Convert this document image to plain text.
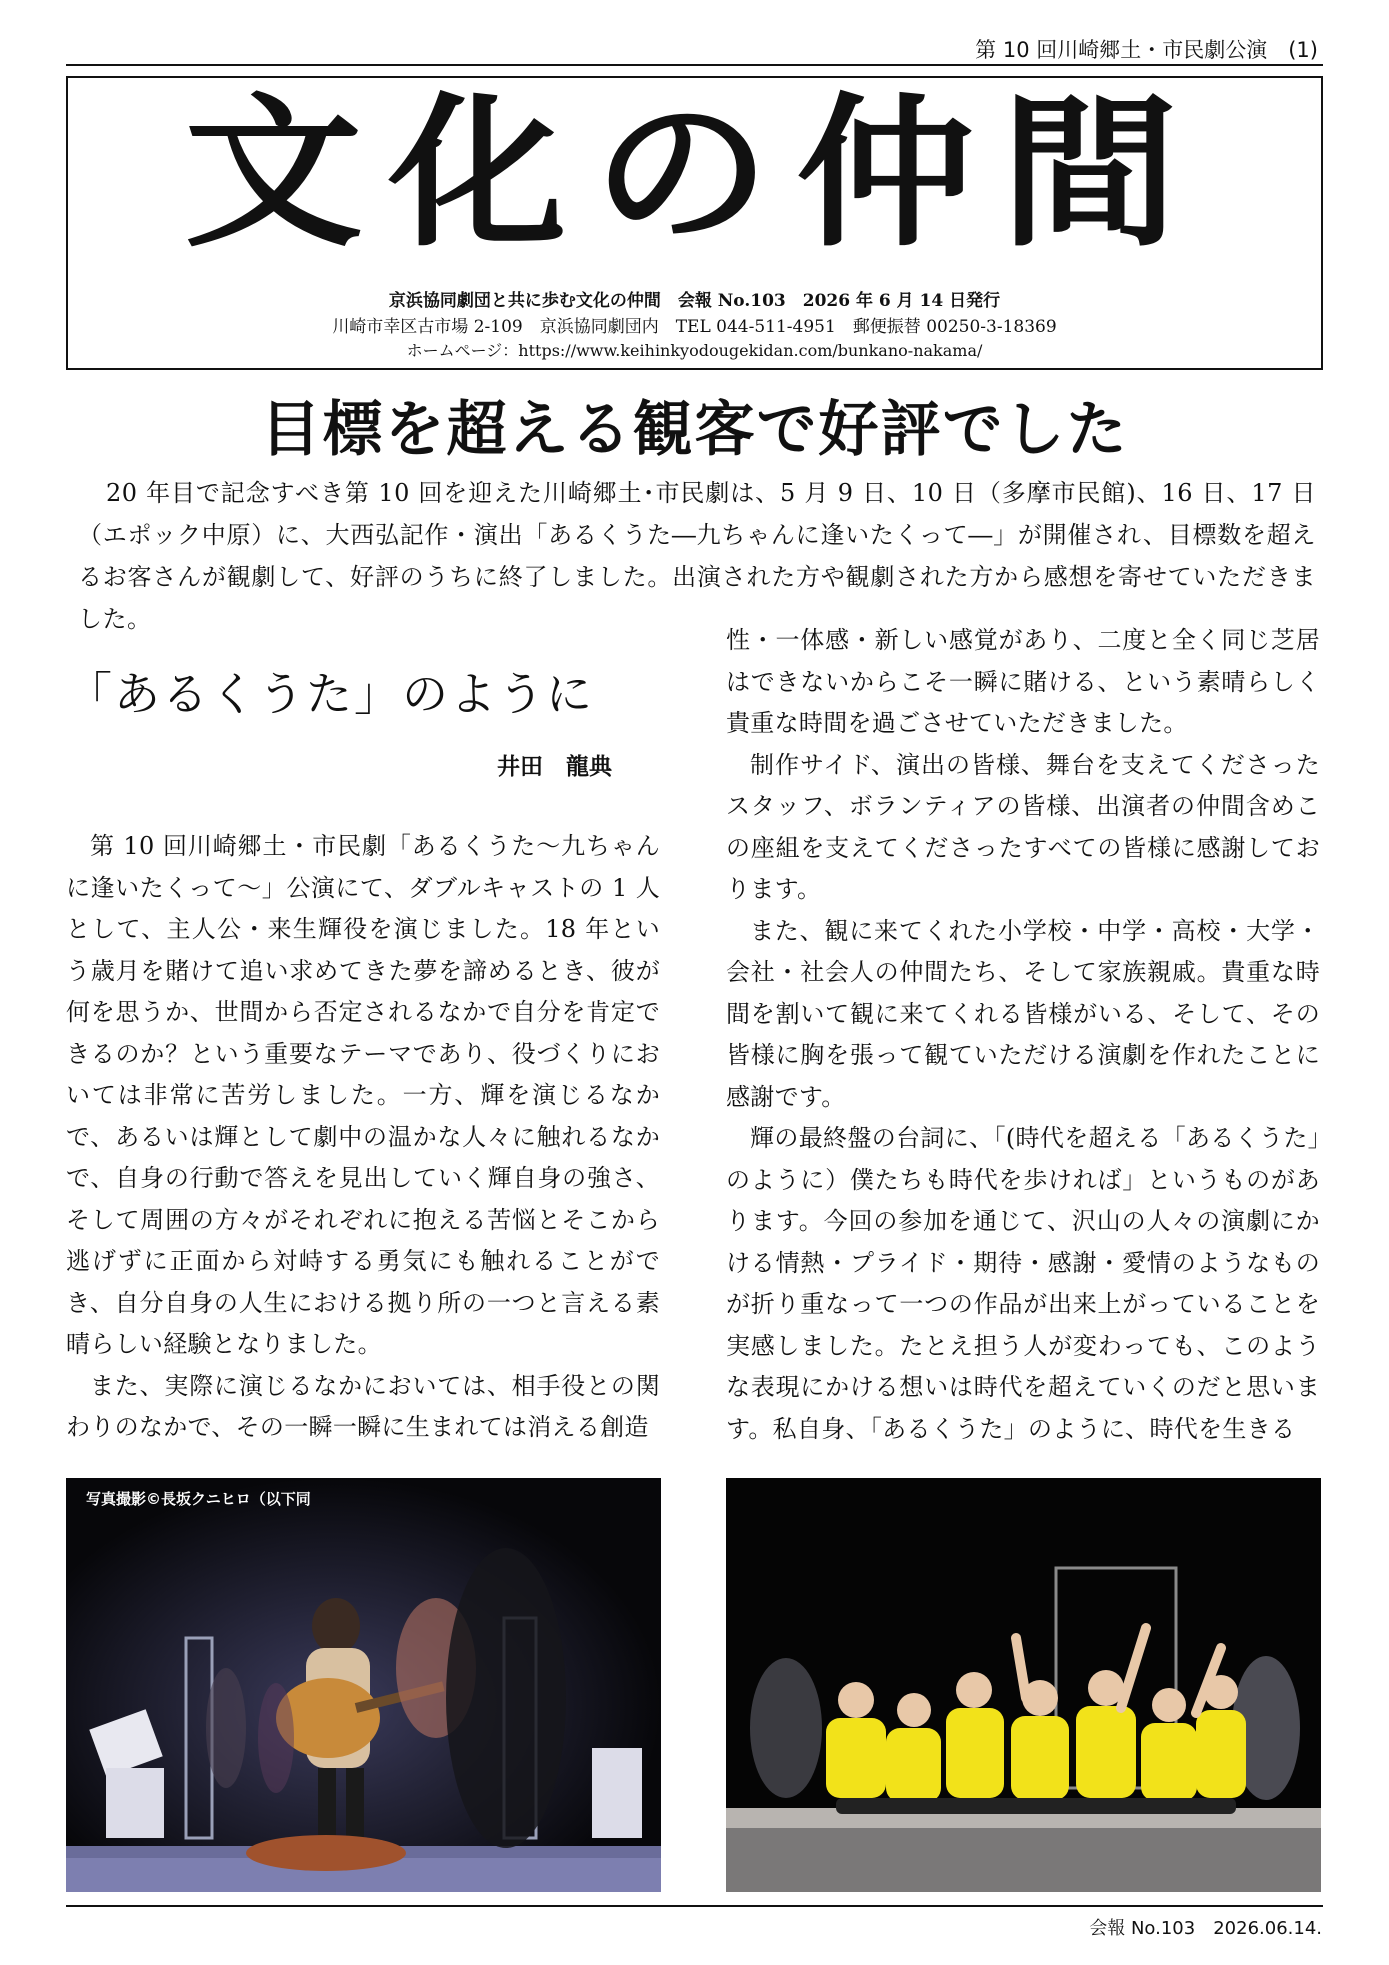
第 10 回川崎郷土・市民劇公演　(1)
文化の仲間
京浜協同劇団と共に歩む文化の仲間　会報 No.103　2026 年 6 月 14 日発行
川崎市幸区古市場 2-109　京浜協同劇団内　TEL 044-511-4951　郵便振替 00250-3-18369
ホームページ：https://www.keihinkyodougekidan.com/bunkano-nakama/
目標を超える観客で好評でした
20 年目で記念すべき第 10 回を迎えた川崎郷土･市民劇は、5 月 9 日、10 日（多摩市民館)、16 日、17 日（エポック中原）に、大西弘記作・演出「あるくうた―九ちゃんに逢いたくって―」が開催され、目標数を超えるお客さんが観劇して、好評のうちに終了しました。出演された方や観劇された方から感想を寄せていただきました。
「あるくうた」のように
井田　龍典

第 10 回川崎郷土・市民劇「あるくうた～九ちゃんに逢いたくって～」公演にて、ダブルキャストの 1 人として、主人公・来生輝役を演じました。18 年という歳月を賭けて追い求めてきた夢を諦めるとき、彼が何を思うか、世間から否定されるなかで自分を肯定できるのか？という重要なテーマであり、役づくりにおいては非常に苦労しました。一方、輝を演じるなかで、あるいは輝として劇中の温かな人々に触れるなかで、自身の行動で答えを見出していく輝自身の強さ、そして周囲の方々がそれぞれに抱える苦悩とそこから逃げずに正面から対峙する勇気にも触れることができ、自分自身の人生における拠り所の一つと言える素晴らしい経験となりました。

また、実際に演じるなかにおいては、相手役との関わりのなかで、その一瞬一瞬に生まれては消える創造

性・一体感・新しい感覚があり、二度と全く同じ芝居はできないからこそ一瞬に賭ける、という素晴らしく貴重な時間を過ごさせていただきました。

制作サイド、演出の皆様、舞台を支えてくださったスタッフ、ボランティアの皆様、出演者の仲間含めこの座組を支えてくださったすべての皆様に感謝しております。

また、観に来てくれた小学校・中学・高校・大学・会社・社会人の仲間たち、そして家族親戚。貴重な時間を割いて観に来てくれる皆様がいる、そして、その皆様に胸を張って観ていただける演劇を作れたことに感謝です。

輝の最終盤の台詞に、｢(時代を超える「あるくうた」のように）僕たちも時代を歩ければ」というものがあります。今回の参加を通じて、沢山の人々の演劇にかける情熱・プライド・期待・感謝・愛情のようなものが折り重なって一つの作品が出来上がっていることを実感しました。たとえ担う人が変わっても、このような表現にかける想いは時代を超えていくのだと思います。私自身、「あるくうた」のように、時代を生きる

写真撮影©長坂クニヒロ（以下同
会報 No.103　2026.06.14.
